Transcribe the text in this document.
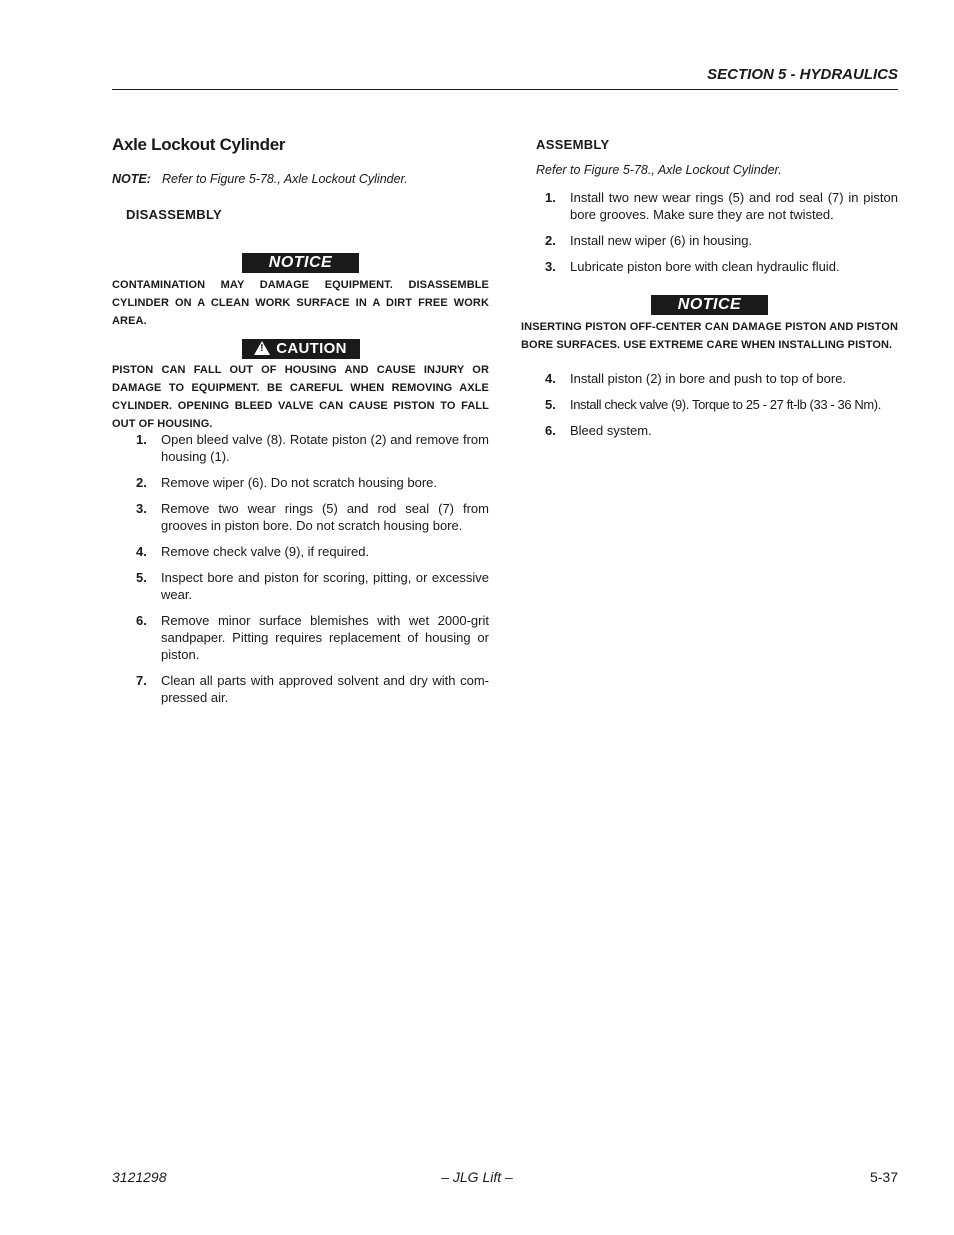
SECTION 5 - HYDRAULICS
Axle Lockout Cylinder
NOTE: Refer to Figure 5-78., Axle Lockout Cylinder.
DISASSEMBLY
NOTICE
CONTAMINATION MAY DAMAGE EQUIPMENT. DISASSEMBLE CYLINDER ON A CLEAN WORK SURFACE IN A DIRT FREE WORK AREA.
!CAUTION
PISTON CAN FALL OUT OF HOUSING AND CAUSE INJURY OR DAMAGE TO EQUIPMENT. BE CAREFUL WHEN REMOVING AXLE CYLINDER. OPENING BLEED VALVE CAN CAUSE PISTON TO FALL OUT OF HOUSING.
1. Open bleed valve (8). Rotate piston (2) and remove from housing (1).
2. Remove wiper (6). Do not scratch housing bore.
3. Remove two wear rings (5) and rod seal (7) from grooves in piston bore. Do not scratch housing bore.
4. Remove check valve (9), if required.
5. Inspect bore and piston for scoring, pitting, or excessive wear.
6. Remove minor surface blemishes with wet 2000-grit sandpaper. Pitting requires replacement of housing or piston.
7. Clean all parts with approved solvent and dry with com-pressed air.
ASSEMBLY
Refer to Figure 5-78., Axle Lockout Cylinder.
1. Install two new wear rings (5) and rod seal (7) in piston bore grooves. Make sure they are not twisted.
2. Install new wiper (6) in housing.
3. Lubricate piston bore with clean hydraulic fluid.
NOTICE
INSERTING PISTON OFF-CENTER CAN DAMAGE PISTON AND PISTON BORE SURFACES. USE EXTREME CARE WHEN INSTALLING PISTON.
4. Install piston (2) in bore and push to top of bore.
5. Install check valve (9). Torque to 25 - 27 ft-lb (33 - 36 Nm).
6. Bleed system.
3121298	– JLG Lift –	5-37
